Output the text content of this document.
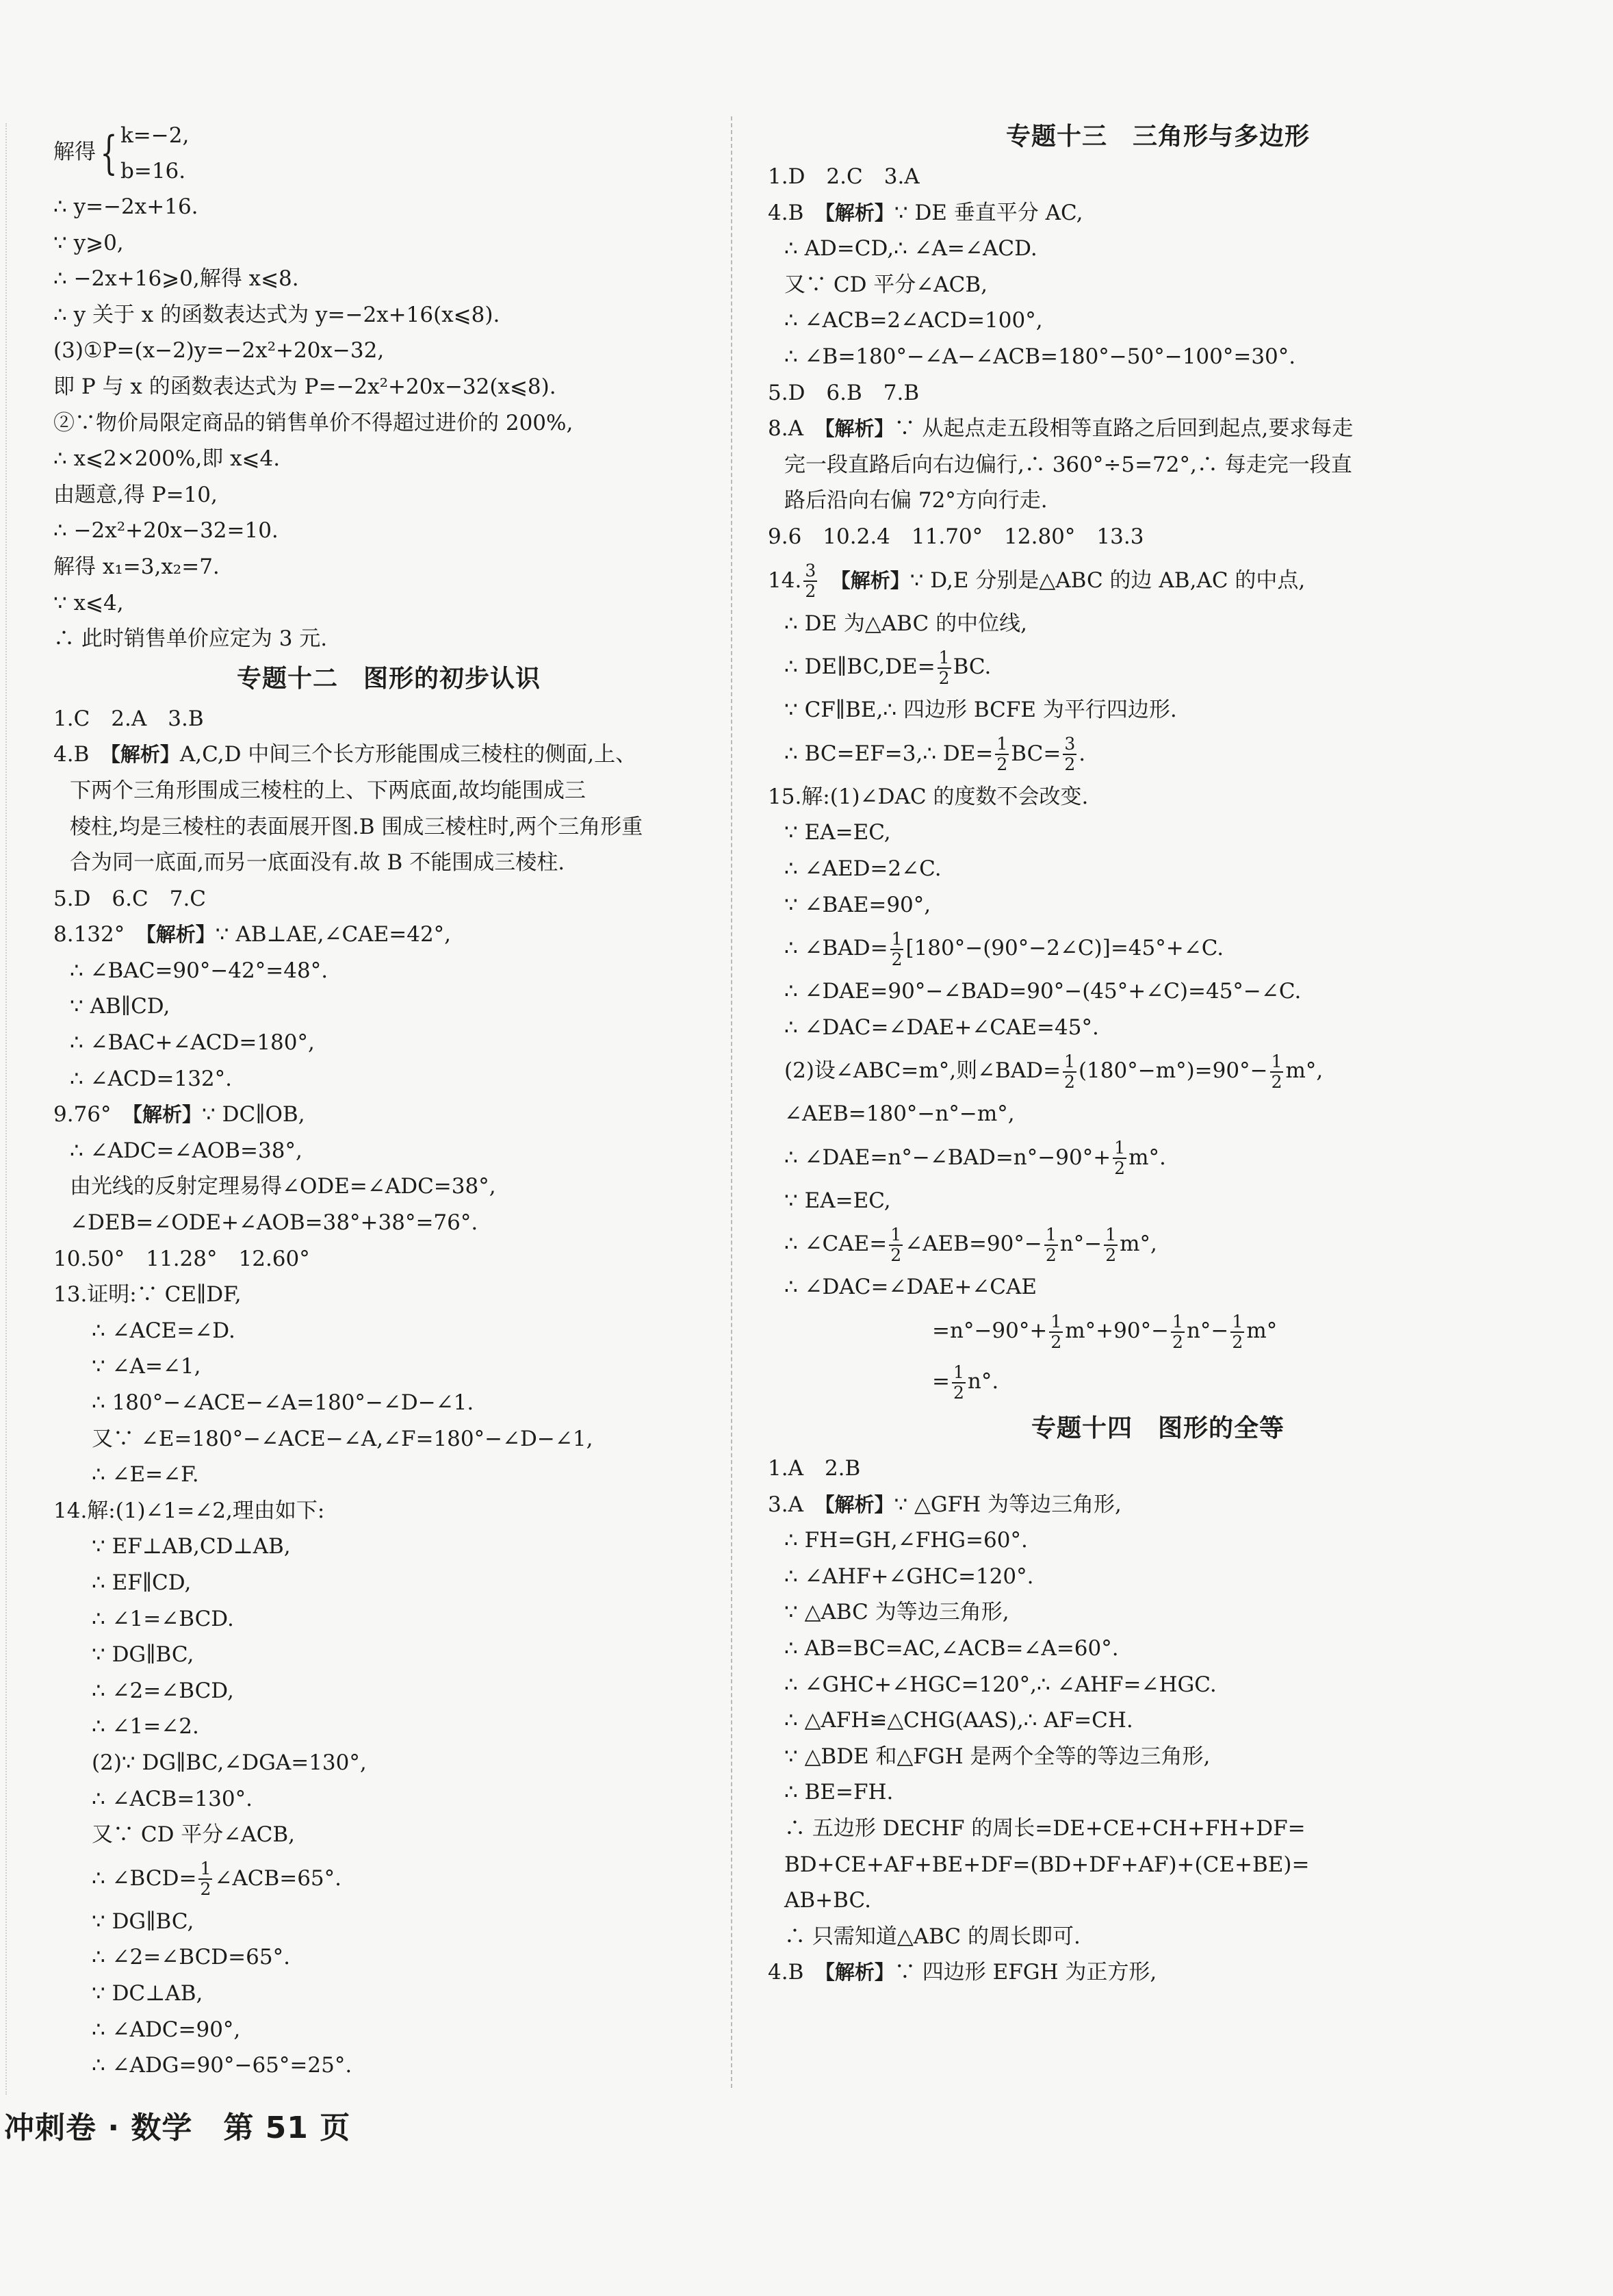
解得{ k=−2,
b=16.
∴ y=−2x+16.
∵ y⩾0,
∴ −2x+16⩾0,解得 x⩽8.
∴ y 关于 x 的函数表达式为 y=−2x+16(x⩽8).
(3)①P=(x−2)y=−2x²+20x−32,
即 P 与 x 的函数表达式为 P=−2x²+20x−32(x⩽8).
②∵物价局限定商品的销售单价不得超过进价的 200%,
∴ x⩽2×200%,即 x⩽4.
由题意,得 P=10,
∴ −2x²+20x−32=10.
解得 x₁=3,x₂=7.
∵ x⩽4,
∴ 此时销售单价应定为 3 元.
专题十二　图形的初步认识
1.C　2.A　3.B
4.B　【解析】A,C,D 中间三个长方形能围成三棱柱的侧面,上、
下两个三角形围成三棱柱的上、下两底面,故均能围成三
棱柱,均是三棱柱的表面展开图.B 围成三棱柱时,两个三角形重
合为同一底面,而另一底面没有.故 B 不能围成三棱柱.
5.D　6.C　7.C
8.132°　【解析】∵ AB⊥AE,∠CAE=42°,
∴ ∠BAC=90°−42°=48°.
∵ AB∥CD,
∴ ∠BAC+∠ACD=180°,
∴ ∠ACD=132°.
9.76°　【解析】∵ DC∥OB,
∴ ∠ADC=∠AOB=38°,
由光线的反射定理易得∠ODE=∠ADC=38°,
∠DEB=∠ODE+∠AOB=38°+38°=76°.
10.50°　11.28°　12.60°
13.证明:∵ CE∥DF,
∴ ∠ACE=∠D.
∵ ∠A=∠1,
∴ 180°−∠ACE−∠A=180°−∠D−∠1.
又∵ ∠E=180°−∠ACE−∠A,∠F=180°−∠D−∠1,
∴ ∠E=∠F.
14.解:(1)∠1=∠2,理由如下:
∵ EF⊥AB,CD⊥AB,
∴ EF∥CD,
∴ ∠1=∠BCD.
∵ DG∥BC,
∴ ∠2=∠BCD,
∴ ∠1=∠2.
(2)∵ DG∥BC,∠DGA=130°,
∴ ∠ACB=130°.
又∵ CD 平分∠ACB,
∴ ∠BCD= $\frac{1}{2}$ ∠ACB=65°.
∵ DG∥BC,
∴ ∠2=∠BCD=65°.
∵ DC⊥AB,
∴ ∠ADC=90°,
∴ ∠ADG=90°−65°=25°.
专题十三　三角形与多边形
1.D　2.C　3.A
4.B　【解析】∵ DE 垂直平分 AC,
∴ AD=CD,∴ ∠A=∠ACD.
又∵ CD 平分∠ACB,
∴ ∠ACB=2∠ACD=100°,
∴ ∠B=180°−∠A−∠ACB=180°−50°−100°=30°.
5.D　6.B　7.B
8.A　【解析】∵ 从起点走五段相等直路之后回到起点,要求每走
完一段直路后向右边偏行,∴ 360°÷5=72°,∴ 每走完一段直
路后沿向右偏 72°方向行走.
9.6　10.2.4　11.70°　12.80°　13.3
14. $\frac{3}{2}$
　 【解析】∵ D,E 分别是△ABC 的边 AB,AC 的中点,
∴ DE 为△ABC 的中位线,
∴ DE∥BC,DE= $\frac{1}{2}$ BC.
∵ CF∥BE,∴ 四边形 BCFE 为平行四边形.
∴ BC=EF=3,∴ $DE= \frac{1}{2} BC= \frac{3}{2}$ .
15.解:(1)∠DAC 的度数不会改变.
∵ EA=EC,
∴ ∠AED=2∠C.
∵ ∠BAE=90°,
∴ ∠BAD= $\frac{1}{2}$ [180°−(90°−2∠C)]=45°+∠C.
∴ ∠DAE=90°−∠BAD=90°−(45°+∠C)=45°−∠C.
∴ ∠DAC=∠DAE+∠CAE=45°.
(2)设∠ABC=m°,则∠BAD= $\frac{1}{2} (180^\circ-m^\circ)=90^\circ- \frac{1}{2} m^\circ$,
∠AEB=180°−n°−m°,
∴ ∠DAE=n°−∠BAD=n°−90°+ $\frac{1}{2} m^\circ$.
∵ EA=EC,
∴ ∠CAE= $\frac{1}{2}$ ∠AEB=90°− $\frac{1}{2} n^\circ- \frac{1}{2} m^\circ$,
∴ ∠DAC=∠DAE+∠CAE
$=n^\circ-90^\circ+ \frac{1}{2} m^\circ+90^\circ- \frac{1}{2} n^\circ- \frac{1}{2} m^\circ$
= $\frac{1}{2} n^\circ$.
专题十四　图形的全等
1.A　2.B
3.A　【解析】∵ △GFH 为等边三角形,
∴ FH=GH,∠FHG=60°.
∴ ∠AHF+∠GHC=120°.
∵ △ABC 为等边三角形,
∴ AB=BC=AC,∠ACB=∠A=60°.
∴ ∠GHC+∠HGC=120°,∴ ∠AHF=∠HGC.
∴ △AFH≌△CHG(AAS),∴ AF=CH.
∵ △BDE 和△FGH 是两个全等的等边三角形,
∴ BE=FH.
∴ 五边形 DECHF 的周长=DE+CE+CH+FH+DF=
BD+CE+AF+BE+DF=(BD+DF+AF)+(CE+BE)=
AB+BC.
∴ 只需知道△ABC 的周长即可.
4.B　【解析】∵ 四边形 EFGH 为正方形,
冲刺卷 · 数学　第 51 页
